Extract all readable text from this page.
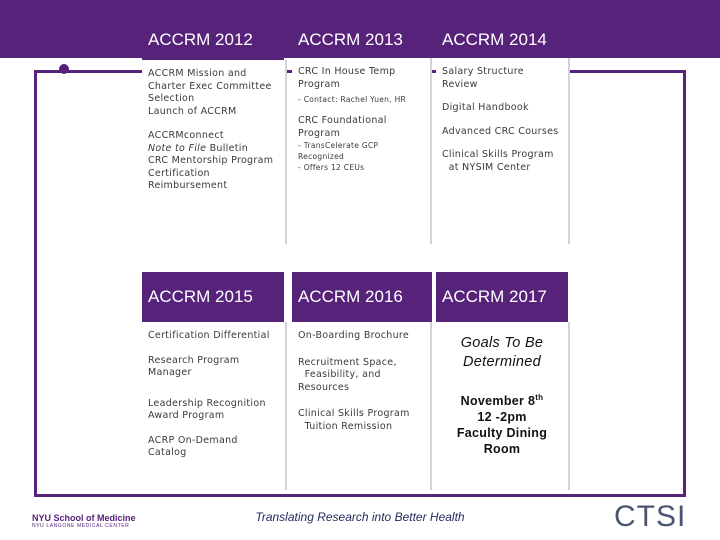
ACCRM 2012
ACCRM Mission and
Charter Exec Committee
Selection
Launch of ACCRM
ACCRMconnect
Note to File Bulletin
CRC Mentorship Program
Certification
Reimbursement
ACCRM 2013
CRC In House Temp
Program
- Contact: Rachel Yuen, HR
CRC Foundational
Program
- TransCelerate GCP
Recognized
- Offers 12 CEUs
ACCRM 2014
Salary Structure Review
Digital Handbook
Advanced CRC Courses
Clinical Skills Program
at NYSIM Center
ACCRM 2015
Certification Differential
Research Program
Manager
Leadership Recognition
Award Program
ACRP On-Demand
Catalog
ACCRM 2016
On-Boarding Brochure
Recruitment Space,
Feasibility, and
Resources
Clinical Skills Program
Tuition Remission
ACCRM 2017
Goals To Be
Determined
November 8th
12 -2pm
Faculty Dining
Room
NYU School of Medicine
NYU LANGONE MEDICAL CENTER
Translating Research into Better Health	CTSI
